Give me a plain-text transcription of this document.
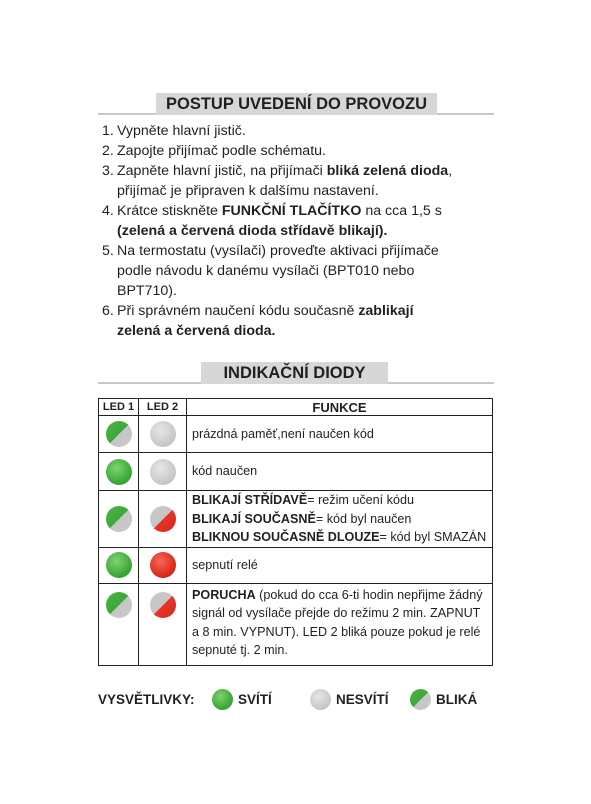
POSTUP UVEDENÍ DO PROVOZU
1. Vypněte hlavní jistič.
2. Zapojte přijímač podle schématu.
3. Zapněte hlavní jistič, na přijímači bliká zelená dioda,
přijímač je připraven k dalšímu nastavení.
4. Krátce stiskněte FUNKČNÍ TLAČÍTKO na cca 1,5 s
(zelená a červená dioda střídavě blikají).
5. Na termostatu (vysílači) proveďte aktivaci přijímače
podle návodu k danému vysílači (BPT010 nebo
BPT710).
6. Při správném naučení kódu současně zablikají
zelená a červená dioda.
INDIKAČNÍ DIODY
LED 1	LED 2	FUNKCE
		prázdná paměť,není naučen kód
		kód naučen

		BLIKAJÍ STŘÍDAVĚ= režim učení kódu
BLIKAJÍ SOUČASNĚ= kód byl naučen
BLIKNOU SOUČASNĚ DLOUZE= kód byl SMAZÁN

		sepnutí relé
		PORUCHA (pokud do cca 6-ti hodin nepřijme žádný signál od vysílače přejde do režimu 2 min. ZAPNUT a 8 min. VYPNUT). LED 2 bliká pouze pokud je relé sepnuté tj. 2 min.
VYSVĚTLIVKY:	SVÍTÍ	NESVÍTÍ	BLIKÁ
